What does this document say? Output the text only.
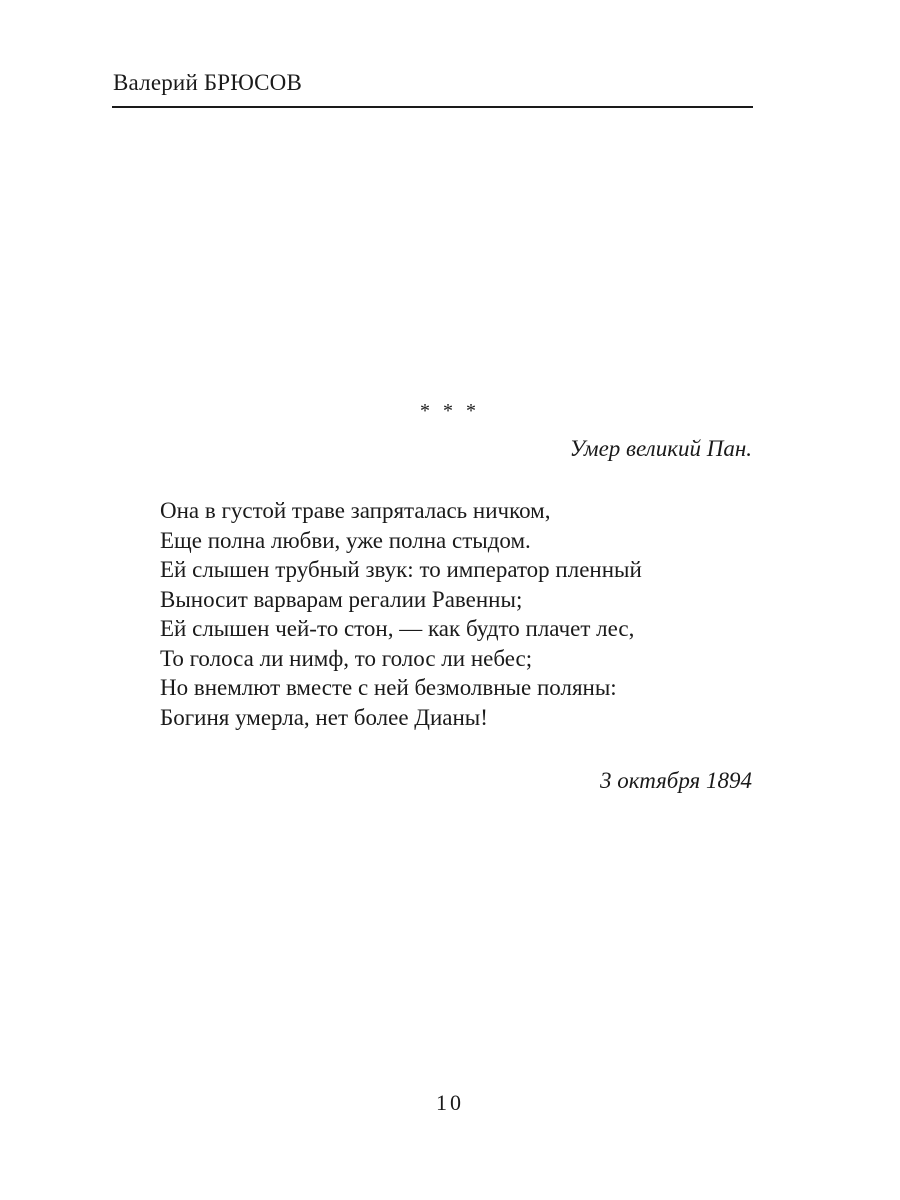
Валерий БРЮСОВ
* * *
Умер великий Пан.
Она в густой траве запряталась ничком,
Еще полна любви, уже полна стыдом.
Ей слышен трубный звук: то император пленный
Выносит варварам регалии Равенны;
Ей слышен чей-то стон, — как будто плачет лес,
То голоса ли нимф, то голос ли небес;
Но внемлют вместе с ней безмолвные поляны:
Богиня умерла, нет более Дианы!
3 октября 1894
10
